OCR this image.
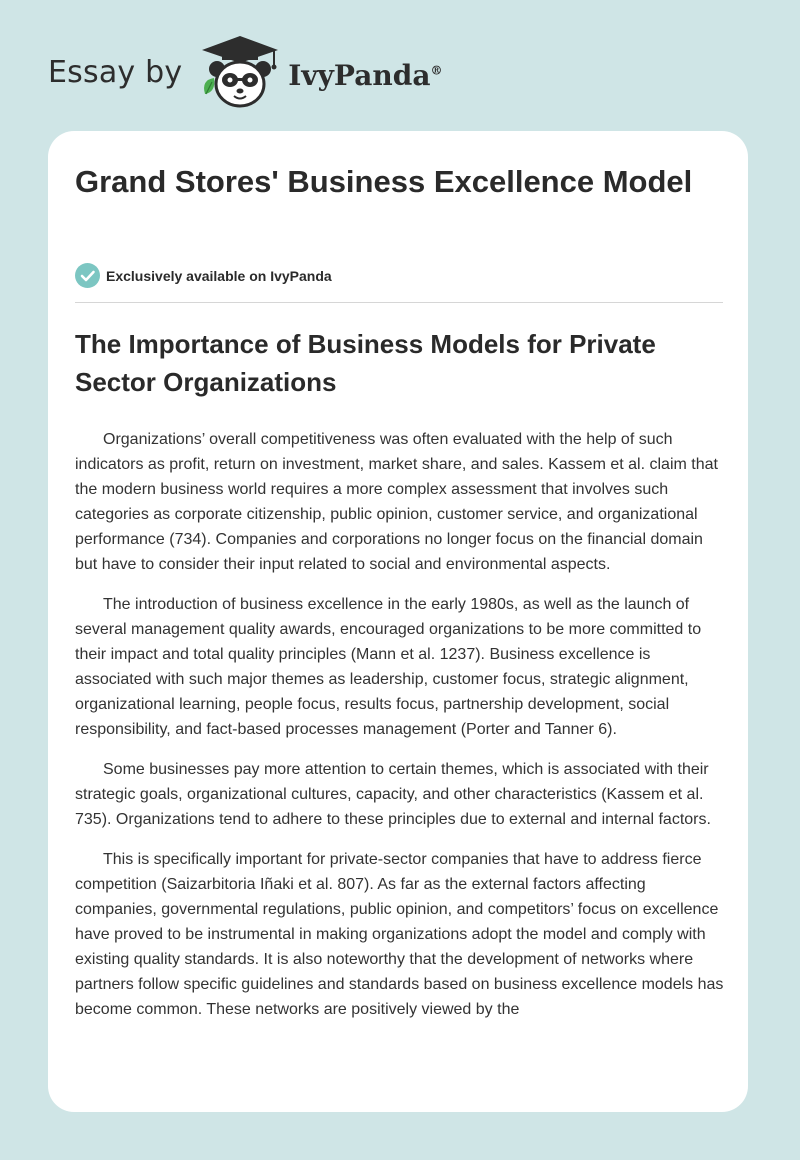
Essay by	IvyPanda®
Grand Stores' Business Excellence Model
Exclusively available on IvyPanda
The Importance of Business Models for Private Sector Organizations

Organizations’ overall competitiveness was often evaluated with the help of such indicators as profit, return on investment, market share, and sales. Kassem et al. claim that the modern business world requires a more complex assessment that involves such categories as corporate citizenship, public opinion, customer service, and organizational performance (734). Companies and corporations no longer focus on the financial domain but have to consider their input related to social and environmental aspects.

The introduction of business excellence in the early 1980s, as well as the launch of several management quality awards, encouraged organizations to be more committed to their impact and total quality principles (Mann et al. 1237). Business excellence is associated with such major themes as leadership, customer focus, strategic alignment, organizational learning, people focus, results focus, partnership development, social responsibility, and fact-based processes management (Porter and Tanner 6).

Some businesses pay more attention to certain themes, which is associated with their strategic goals, organizational cultures, capacity, and other characteristics (Kassem et al. 735). Organizations tend to adhere to these principles due to external and internal factors.

This is specifically important for private-sector companies that have to address fierce competition (Saizarbitoria Iñaki et al. 807). As far as the external factors affecting companies, governmental regulations, public opinion, and competitors’ focus on excellence have proved to be instrumental in making organizations adopt the model and comply with existing quality standards. It is also noteworthy that the development of networks where partners follow specific guidelines and standards based on business excellence models has become common. These networks are positively viewed by the
